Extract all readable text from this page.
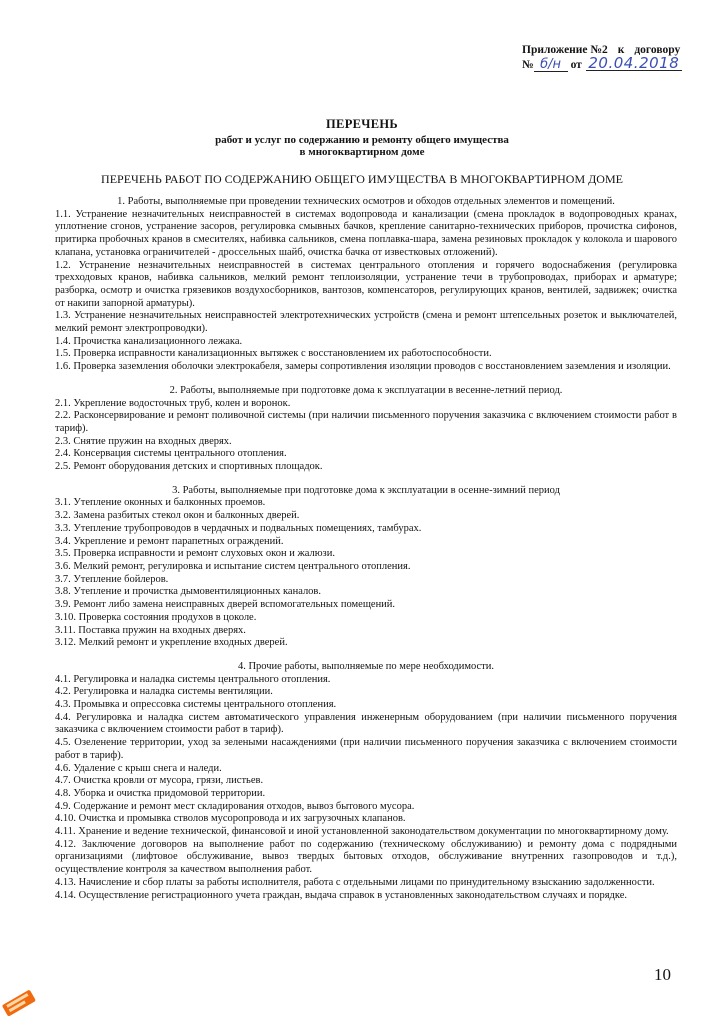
Приложение №2 к договору
№ б/н от 20.04.2018
ПЕРЕЧЕНЬ
работ и услуг по содержанию и ремонту общего имущества
в многоквартирном доме
ПЕРЕЧЕНЬ РАБОТ ПО СОДЕРЖАНИЮ ОБЩЕГО ИМУЩЕСТВА В МНОГОКВАРТИРНОМ ДОМЕ

1. Работы, выполняемые при проведении технических осмотров и обходов отдельных элементов и помещений.

1.1. Устранение незначительных неисправностей в системах водопровода и канализации (смена прокладок в водопроводных кранах, уплотнение сгонов, устранение засоров, регулировка смывных бачков, крепление санитарно-технических приборов, прочистка сифонов, притирка пробочных кранов в смесителях, набивка сальников, смена поплавка-шара, замена резиновых прокладок у колокола и шарового клапана, установка ограничителей - дроссельных шайб, очистка бачка от известковых отложений).

1.2. Устранение незначительных неисправностей в системах центрального отопления и горячего водоснабжения (регулировка трехходовых кранов, набивка сальников, мелкий ремонт теплоизоляции, устранение течи в трубопроводах, приборах и арматуре; разборка, осмотр и очистка грязевиков воздухосборников, вантозов, компенсаторов, регулирующих кранов, вентилей, задвижек; очистка от накипи запорной арматуры).

1.3. Устранение незначительных неисправностей электротехнических устройств (смена и ремонт штепсельных розеток и выключателей, мелкий ремонт электропроводки).

1.4. Прочистка канализационного лежака.

1.5. Проверка исправности канализационных вытяжек с восстановлением их работоспособности.

1.6. Проверка заземления оболочки электрокабеля, замеры сопротивления изоляции проводов с восстановлением заземления и изоляции.

2. Работы, выполняемые при подготовке дома к эксплуатации в весенне-летний период.

2.1. Укрепление водосточных труб, колен и воронок.

2.2. Расконсервирование и ремонт поливочной системы (при наличии письменного поручения заказчика с включением стоимости работ в тариф).

2.3. Снятие пружин на входных дверях.

2.4. Консервация системы центрального отопления.

2.5. Ремонт оборудования детских и спортивных площадок.

3. Работы, выполняемые при подготовке дома к эксплуатации в осенне-зимний период

3.1. Утепление оконных и балконных проемов.

3.2. Замена разбитых стекол окон и балконных дверей.

3.3. Утепление трубопроводов в чердачных и подвальных помещениях, тамбурах.

3.4. Укрепление и ремонт парапетных ограждений.

3.5. Проверка исправности и ремонт слуховых окон и жалюзи.

3.6. Мелкий ремонт, регулировка и испытание систем центрального отопления.

3.7. Утепление бойлеров.

3.8. Утепление и прочистка дымовентиляционных каналов.

3.9. Ремонт либо замена неисправных дверей вспомогательных помещений.

3.10. Проверка состояния продухов в цоколе.

3.11. Поставка пружин на входных дверях.

3.12. Мелкий ремонт и укрепление входных дверей.

4. Прочие работы, выполняемые по мере необходимости.

4.1. Регулировка и наладка системы центрального отопления.

4.2. Регулировка и наладка системы вентиляции.

4.3. Промывка и опрессовка системы центрального отопления.

4.4. Регулировка и наладка систем автоматического управления инженерным оборудованием (при наличии письменного поручения заказчика с включением стоимости работ в тариф).

4.5. Озеленение территории, уход за зелеными насаждениями (при наличии письменного поручения заказчика с включением стоимости работ в тариф).

4.6. Удаление с крыш снега и наледи.

4.7. Очистка кровли от мусора, грязи, листьев.

4.8. Уборка и очистка придомовой территории.

4.9. Содержание и ремонт мест складирования отходов, вывоз бытового мусора.

4.10. Очистка и промывка стволов мусоропровода и их загрузочных клапанов.

4.11. Хранение и ведение технической, финансовой и иной установленной законодательством документации по многоквартирному дому.

4.12. Заключение договоров на выполнение работ по содержанию (техническому обслуживанию) и ремонту дома с подрядными организациями (лифтовое обслуживание, вывоз твердых бытовых отходов, обслуживание внутренних газопроводов и т.д.), осуществление контроля за качеством выполнения работ.

4.13. Начисление и сбор платы за работы исполнителя, работа с отдельными лицами по принудительному взысканию задолженности.

4.14. Осуществление регистрационного учета граждан, выдача справок в установленных законодательством случаях и порядке.

10
